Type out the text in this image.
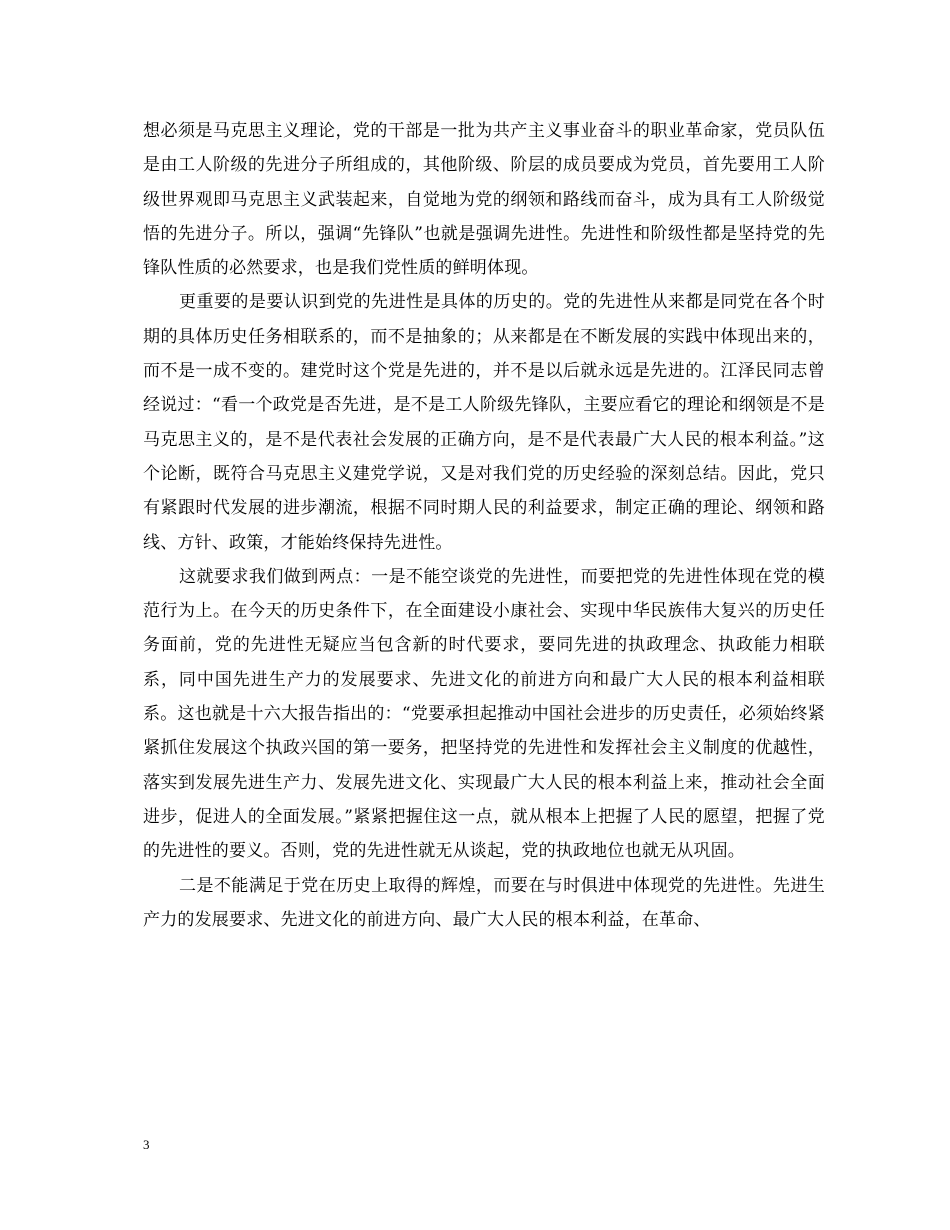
想必须是马克思主义理论，党的干部是一批为共产主义事业奋斗的职业革命家，党员队伍是由工人阶级的先进分子所组成的，其他阶级、阶层的成员要成为党员，首先要用工人阶级世界观即马克思主义武装起来，自觉地为党的纲领和路线而奋斗，成为具有工人阶级觉悟的先进分子。所以，强调“先锋队”也就是强调先进性。先进性和阶级性都是坚持党的先锋队性质的必然要求，也是我们党性质的鲜明体现。

更重要的是要认识到党的先进性是具体的历史的。党的先进性从来都是同党在各个时期的具体历史任务相联系的，而不是抽象的；从来都是在不断发展的实践中体现出来的，而不是一成不变的。建党时这个党是先进的，并不是以后就永远是先进的。江泽民同志曾经说过：“看一个政党是否先进，是不是工人阶级先锋队，主要应看它的理论和纲领是不是马克思主义的，是不是代表社会发展的正确方向，是不是代表最广大人民的根本利益。”这个论断，既符合马克思主义建党学说，又是对我们党的历史经验的深刻总结。因此，党只有紧跟时代发展的进步潮流，根据不同时期人民的利益要求，制定正确的理论、纲领和路线、方针、政策，才能始终保持先进性。

这就要求我们做到两点：一是不能空谈党的先进性，而要把党的先进性体现在党的模范行为上。在今天的历史条件下，在全面建设小康社会、实现中华民族伟大复兴的历史任务面前，党的先进性无疑应当包含新的时代要求，要同先进的执政理念、执政能力相联系，同中国先进生产力的发展要求、先进文化的前进方向和最广大人民的根本利益相联系。这也就是十六大报告指出的：“党要承担起推动中国社会进步的历史责任，必须始终紧紧抓住发展这个执政兴国的第一要务，把坚持党的先进性和发挥社会主义制度的优越性，落实到发展先进生产力、发展先进文化、实现最广大人民的根本利益上来，推动社会全面进步，促进人的全面发展。”紧紧把握住这一点，就从根本上把握了人民的愿望，把握了党的先进性的要义。否则，党的先进性就无从谈起，党的执政地位也就无从巩固。

二是不能满足于党在历史上取得的辉煌，而要在与时俱进中体现党的先进性。先进生产力的发展要求、先进文化的前进方向、最广大人民的根本利益，在革命、

3
